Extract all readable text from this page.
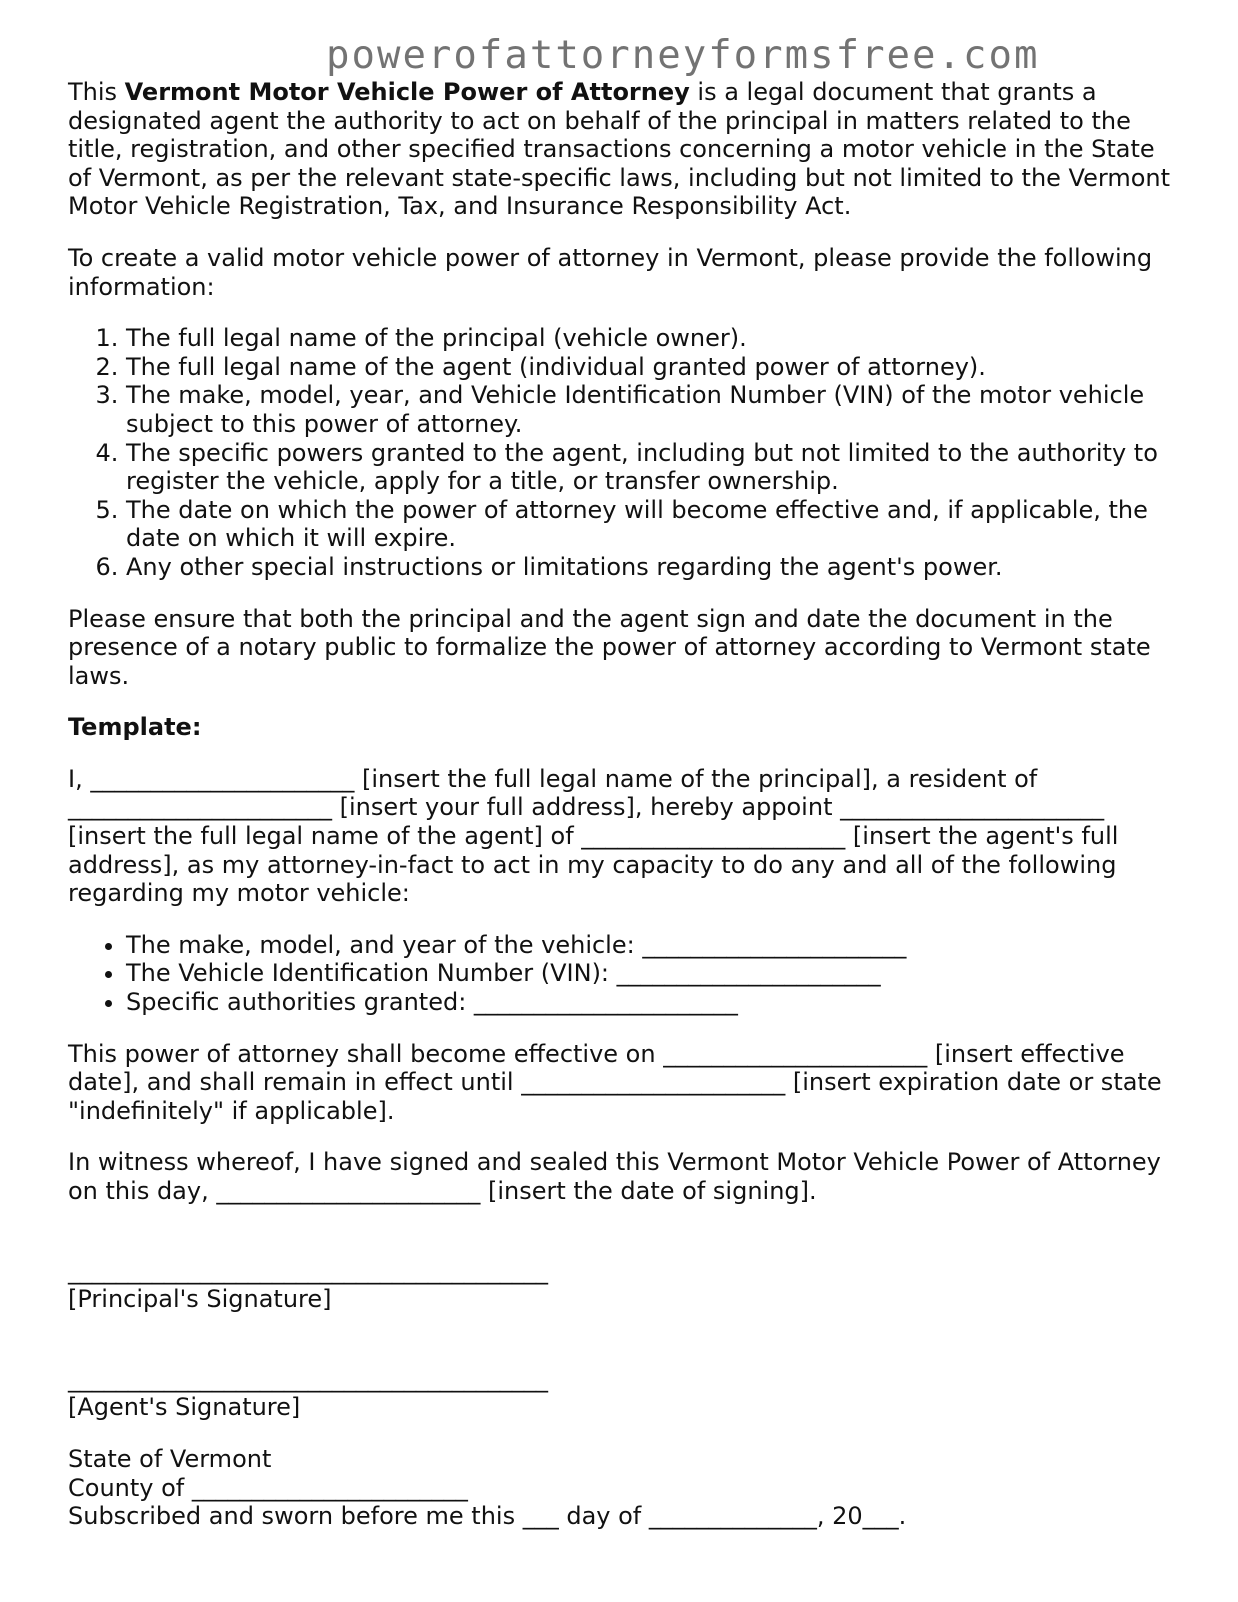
powerofattorneyformsfree.com

This Vermont Motor Vehicle Power of Attorney is a legal document that grants a designated agent the authority to act on behalf of the principal in matters related to the title, registration, and other specified transactions concerning a motor vehicle in the State of Vermont, as per the relevant state-specific laws, including but not limited to the Vermont Motor Vehicle Registration, Tax, and Insurance Responsibility Act.

To create a valid motor vehicle power of attorney in Vermont, please provide the following information:

1. The full legal name of the principal (vehicle owner).
2. The full legal name of the agent (individual granted power of attorney).
3. The make, model, year, and Vehicle Identification Number (VIN) of the motor vehicle subject to this power of attorney.
4. The specific powers granted to the agent, including but not limited to the authority to register the vehicle, apply for a title, or transfer ownership.
5. The date on which the power of attorney will become effective and, if applicable, the date on which it will expire.
6. Any other special instructions or limitations regarding the agent's power.

Please ensure that both the principal and the agent sign and date the document in the presence of a notary public to formalize the power of attorney according to Vermont state laws.

Template:

I, ______________________ [insert the full legal name of the principal], a resident of ______________________ [insert your full address], hereby appoint ______________________ [insert the full legal name of the agent] of ______________________ [insert the agent's full address], as my attorney-in-fact to act in my capacity to do any and all of the following regarding my motor vehicle:

• The make, model, and year of the vehicle: ______________________
• The Vehicle Identification Number (VIN): ______________________
• Specific authorities granted: ______________________

This power of attorney shall become effective on ______________________ [insert effective date], and shall remain in effect until ______________________ [insert expiration date or state "indefinitely" if applicable].

In witness whereof, I have signed and sealed this Vermont Motor Vehicle Power of Attorney on this day, ______________________ [insert the date of signing].

________________________________________

[Principal's Signature]

________________________________________

[Agent's Signature]

State of Vermont
County of _______________________
Subscribed and sworn before me this ___ day of ______________, 20___.
